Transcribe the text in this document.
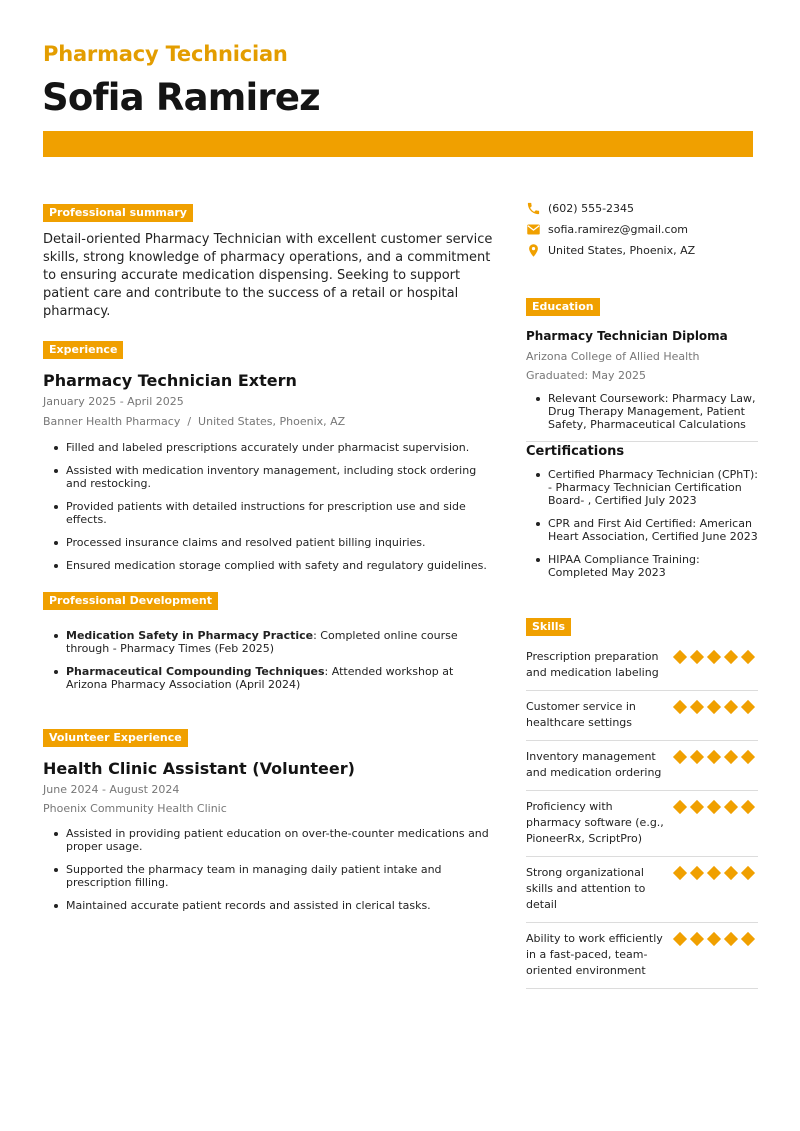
Pharmacy Technician
Sofia Ramirez
Professional summary

Detail-oriented Pharmacy Technician with excellent customer service skills, strong knowledge of pharmacy operations, and a commitment to ensuring accurate medication dispensing. Seeking to support patient care and contribute to the success of a retail or hospital pharmacy.

Experience
Pharmacy Technician Extern
January 2025 - April 2025
Banner Health Pharmacy / United States, Phoenix, AZ
Filled and labeled prescriptions accurately under pharmacist supervision.
Assisted with medication inventory management, including stock ordering and restocking.
Provided patients with detailed instructions for prescription use and side effects.
Processed insurance claims and resolved patient billing inquiries.
Ensured medication storage complied with safety and regulatory guidelines.
Professional Development
Medication Safety in Pharmacy Practice: Completed online course through - Pharmacy Times (Feb 2025)
Pharmaceutical Compounding Techniques: Attended workshop at Arizona Pharmacy Association (April 2024)
Volunteer Experience
Health Clinic Assistant (Volunteer)
June 2024 - August 2024
Phoenix Community Health Clinic
Assisted in providing patient education on over-the-counter medications and proper usage.
Supported the pharmacy team in managing daily patient intake and prescription filling.
Maintained accurate patient records and assisted in clerical tasks.
(602) 555-2345
sofia.ramirez@gmail.com
United States, Phoenix, AZ
Education
Pharmacy Technician Diploma
Arizona College of Allied Health
Graduated: May 2025
Relevant Coursework: Pharmacy Law, Drug Therapy Management, Patient Safety, Pharmaceutical Calculations
Certifications
Certified Pharmacy Technician (CPhT): - Pharmacy Technician Certification Board- , Certified July 2023
CPR and First Aid Certified: American Heart Association, Certified June 2023
HIPAA Compliance Training: Completed May 2023
Skills
Prescription preparation and medication labeling
Customer service in healthcare settings
Inventory management and medication ordering
Proficiency with pharmacy software (e.g., PioneerRx, ScriptPro)
Strong organizational skills and attention to detail
Ability to work efficiently in a fast-paced, team-oriented environment
